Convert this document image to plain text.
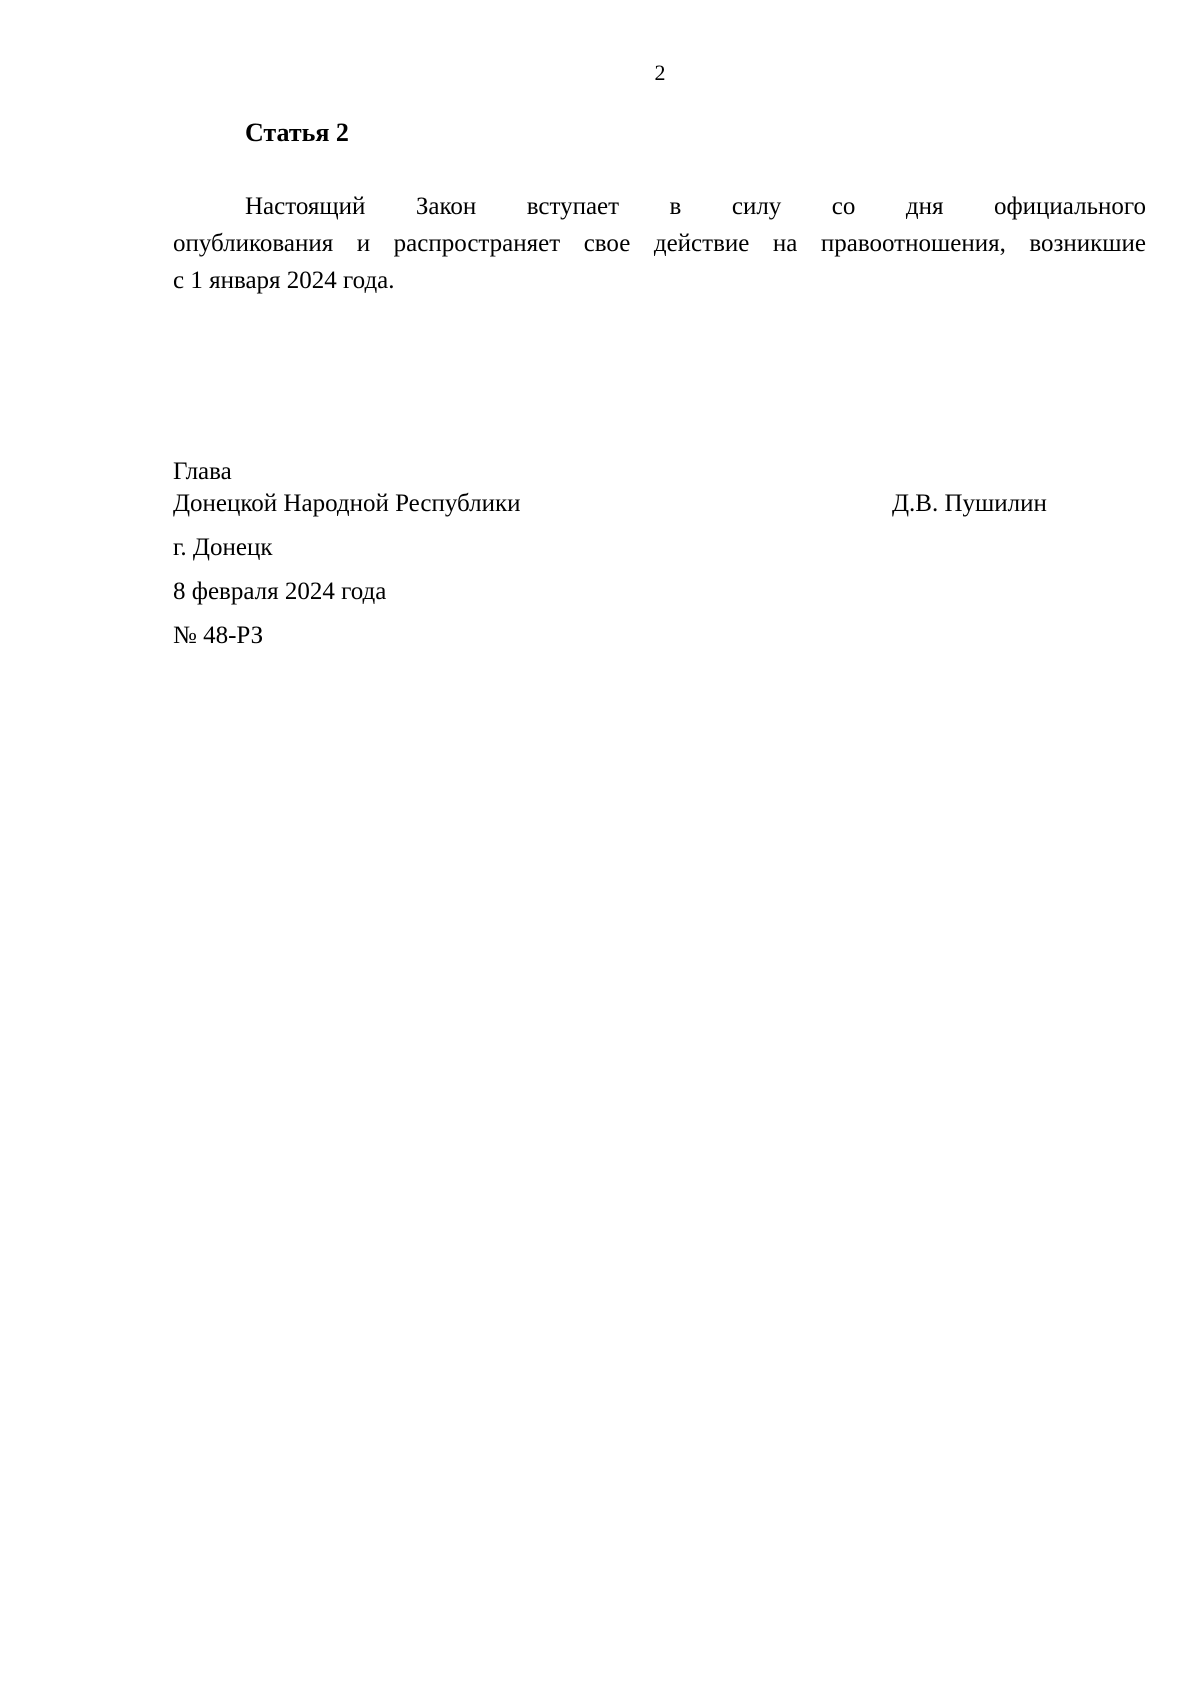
2
Статья 2
Настоящий Закон вступает в силу со дня официального
опубликования и распространяет свое действие на правоотношения, возникшие
с 1 января 2024 года.
Глава
Донецкой Народной Республики	Д.В. Пушилин
г. Донецк
8 февраля 2024 года
№ 48-РЗ
